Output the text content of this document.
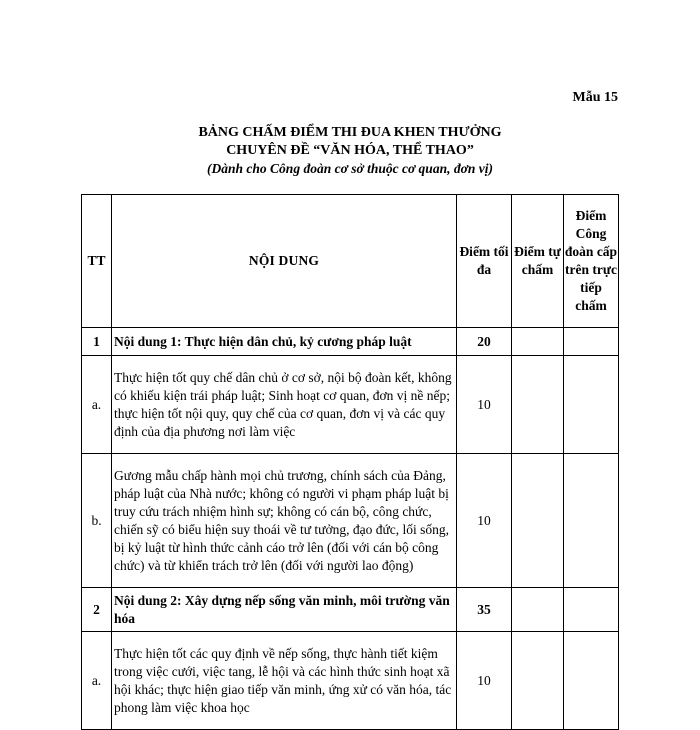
Mẫu 15
BẢNG CHẤM ĐIỂM THI ĐUA KHEN THƯỞNG
CHUYÊN ĐỀ “VĂN HÓA, THỂ THAO”
(Dành cho Công đoàn cơ sở thuộc cơ quan, đơn vị)
TT	NỘI DUNG	Điểm tối đa	Điểm tự chấm	Điểm Công đoàn cấp trên trực tiếp chấm
1	Nội dung 1: Thực hiện dân chủ, kỷ cương pháp luật	20		
a.	Thực hiện tốt quy chế dân chủ ở cơ sở, nội bộ đoàn kết, không có khiếu kiện trái pháp luật; Sinh hoạt cơ quan, đơn vị nề nếp; thực hiện tốt nội quy, quy chế của cơ quan, đơn vị và các quy định của địa phương nơi làm việc	10		
b.	Gương mẫu chấp hành mọi chủ trương, chính sách của Đảng, pháp luật của Nhà nước; không có người vi phạm pháp luật bị truy cứu trách nhiệm hình sự; không có cán bộ, công chức, chiến sỹ có biểu hiện suy thoái về tư tưởng, đạo đức, lối sống, bị kỷ luật từ hình thức cảnh cáo trở lên (đối với cán bộ công chức) và từ khiển trách trở lên (đối với người lao động)	10		
2	Nội dung 2: Xây dựng nếp sống văn minh, môi trường văn hóa	35		
a.	Thực hiện tốt các quy định về nếp sống, thực hành tiết kiệm trong việc cưới, việc tang, lễ hội và các hình thức sinh hoạt xã hội khác; thực hiện giao tiếp văn minh, ứng xử có văn hóa, tác phong làm việc khoa học	10		
